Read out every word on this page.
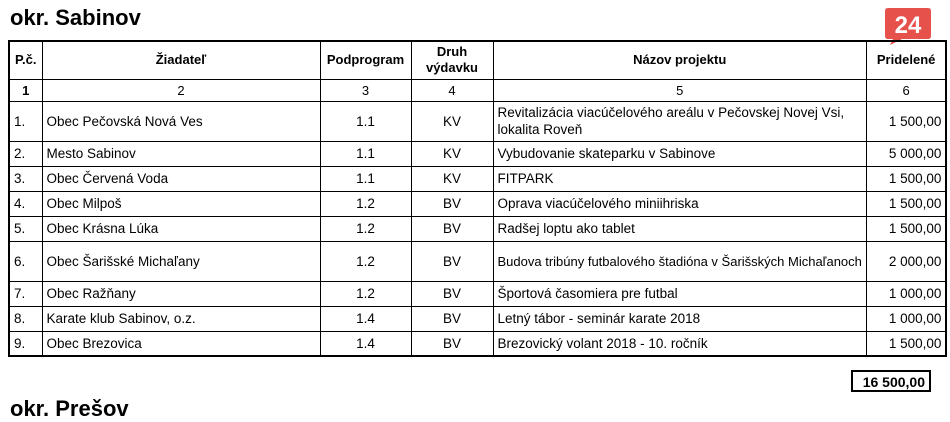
okr. Sabinov	24
P.č.	Žiadateľ	Podprogram	Druh výdavku	Názov projektu	Pridelené
1	2	3	4	5	6
1.	Obec Pečovská Nová Ves	1.1	KV	Revitalizácia viacúčelového areálu v Pečovskej Novej Vsi, lokalita Roveň	1 500,00
2.	Mesto Sabinov	1.1	KV	Vybudovanie skateparku v Sabinove	5 000,00
3.	Obec Červená Voda	1.1	KV	FITPARK	1 500,00
4.	Obec Milpoš	1.2	BV	Oprava viacúčelového miniihriska	1 500,00
5.	Obec Krásna Lúka	1.2	BV	Radšej loptu ako tablet	1 500,00
6.	Obec Šarišské Michaľany	1.2	BV	Budova tribúny futbalového štadióna v Šarišských Michaľanoch	2 000,00
7.	Obec Ražňany	1.2	BV	Športová časomiera pre futbal	1 000,00
8.	Karate klub Sabinov, o.z.	1.4	BV	Letný tábor - seminár karate 2018	1 000,00
9.	Obec Brezovica	1.4	BV	Brezovický volant 2018 - 10. ročník	1 500,00
16 500,00
okr. Prešov
